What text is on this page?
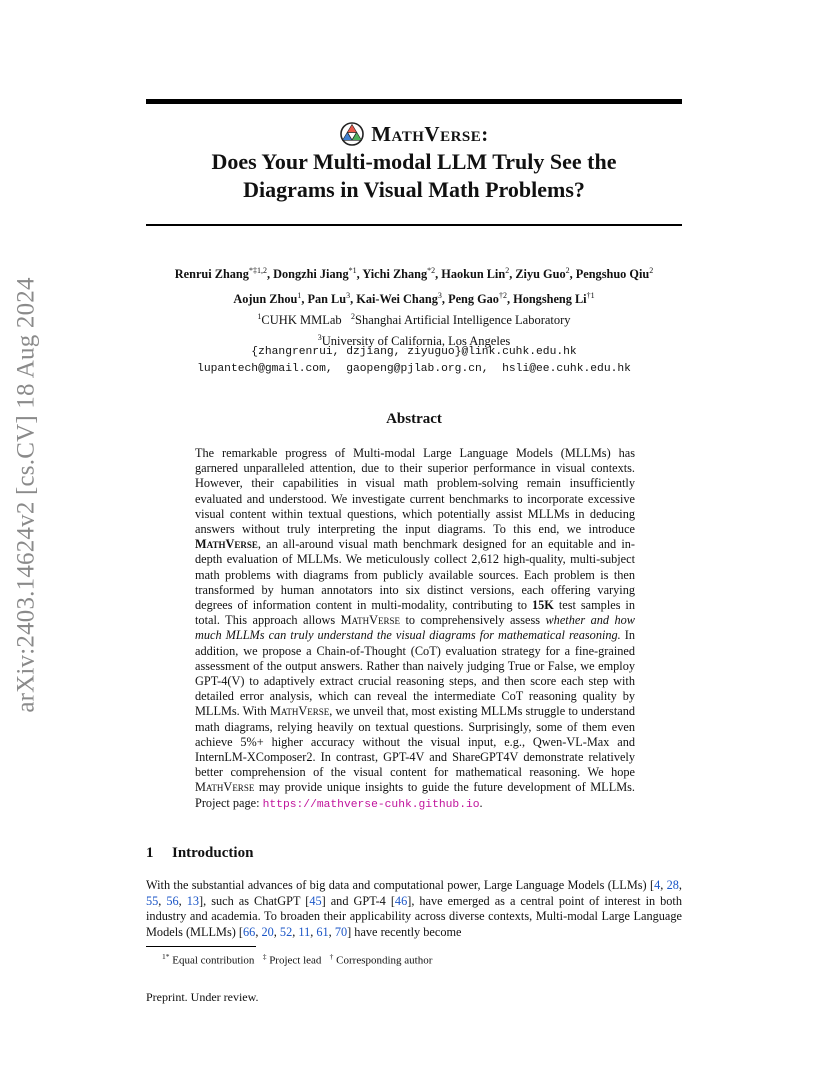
arXiv:2403.14624v2 [cs.CV] 18 Aug 2024
MathVerse:
Does Your Multi-modal LLM Truly See the
Diagrams in Visual Math Problems?
Renrui Zhang$^{*\ddagger 1,2}$, Dongzhi Jiang$^{*1}$, Yichi Zhang$^{*2}$, Haokun Lin$^2$, Ziyu Guo$^2$, Pengshuo Qiu$^2$
Aojun Zhou$^1$, Pan Lu$^3$, Kai-Wei Chang$^3$, Peng Gao$^{\dagger 2}$, Hongsheng Li$^{\dagger 1}$
$^1$CUHK MMLab $^2$Shanghai Artificial Intelligence Laboratory
$^3$University of California, Los Angeles
{zhangrenrui, dzjiang, ziyuguo}@link.cuhk.edu.hk
lupantech@gmail.com,  gaopeng@pjlab.org.cn,  hsli@ee.cuhk.edu.hk
Abstract
The remarkable progress of Multi-modal Large Language Models (MLLMs) has garnered unparalleled attention, due to their superior performance in visual contexts. However, their capabilities in visual math problem-solving remain insufficiently evaluated and understood. We investigate current benchmarks to incorporate excessive visual content within textual questions, which potentially assist MLLMs in deducing answers without truly interpreting the input diagrams. To this end, we introduce MathVerse, an all-around visual math benchmark designed for an equitable and in-depth evaluation of MLLMs. We meticulously collect 2,612 high-quality, multi-subject math problems with diagrams from publicly available sources. Each problem is then transformed by human annotators into six distinct versions, each offering varying degrees of information content in multi-modality, contributing to 15K test samples in total. This approach allows MathVerse to comprehensively assess whether and how much MLLMs can truly understand the visual diagrams for mathematical reasoning. In addition, we propose a Chain-of-Thought (CoT) evaluation strategy for a fine-grained assessment of the output answers. Rather than naively judging True or False, we employ GPT-4(V) to adaptively extract crucial reasoning steps, and then score each step with detailed error analysis, which can reveal the intermediate CoT reasoning quality by MLLMs. With MathVerse, we unveil that, most existing MLLMs struggle to understand math diagrams, relying heavily on textual questions. Surprisingly, some of them even achieve 5%+ higher accuracy without the visual input, e.g., Qwen-VL-Max and InternLM-XComposer2. In contrast, GPT-4V and ShareGPT4V demonstrate relatively better comprehension of the visual content for mathematical reasoning. We hope MathVerse may provide unique insights to guide the future development of MLLMs. Project page: https://mathverse-cuhk.github.io.
1 Introduction
With the substantial advances of big data and computational power, Large Language Models (LLMs) [4, 28, 55, 56, 13], such as ChatGPT [45] and GPT-4 [46], have emerged as a central point of interest in both industry and academia. To broaden their applicability across diverse contexts, Multi-modal Large Language Models (MLLMs) [66, 20, 52, 11, 61, 70] have recently become
$^{1*}$ Equal contribution ‡ Project lead † Corresponding author
Preprint. Under review.
